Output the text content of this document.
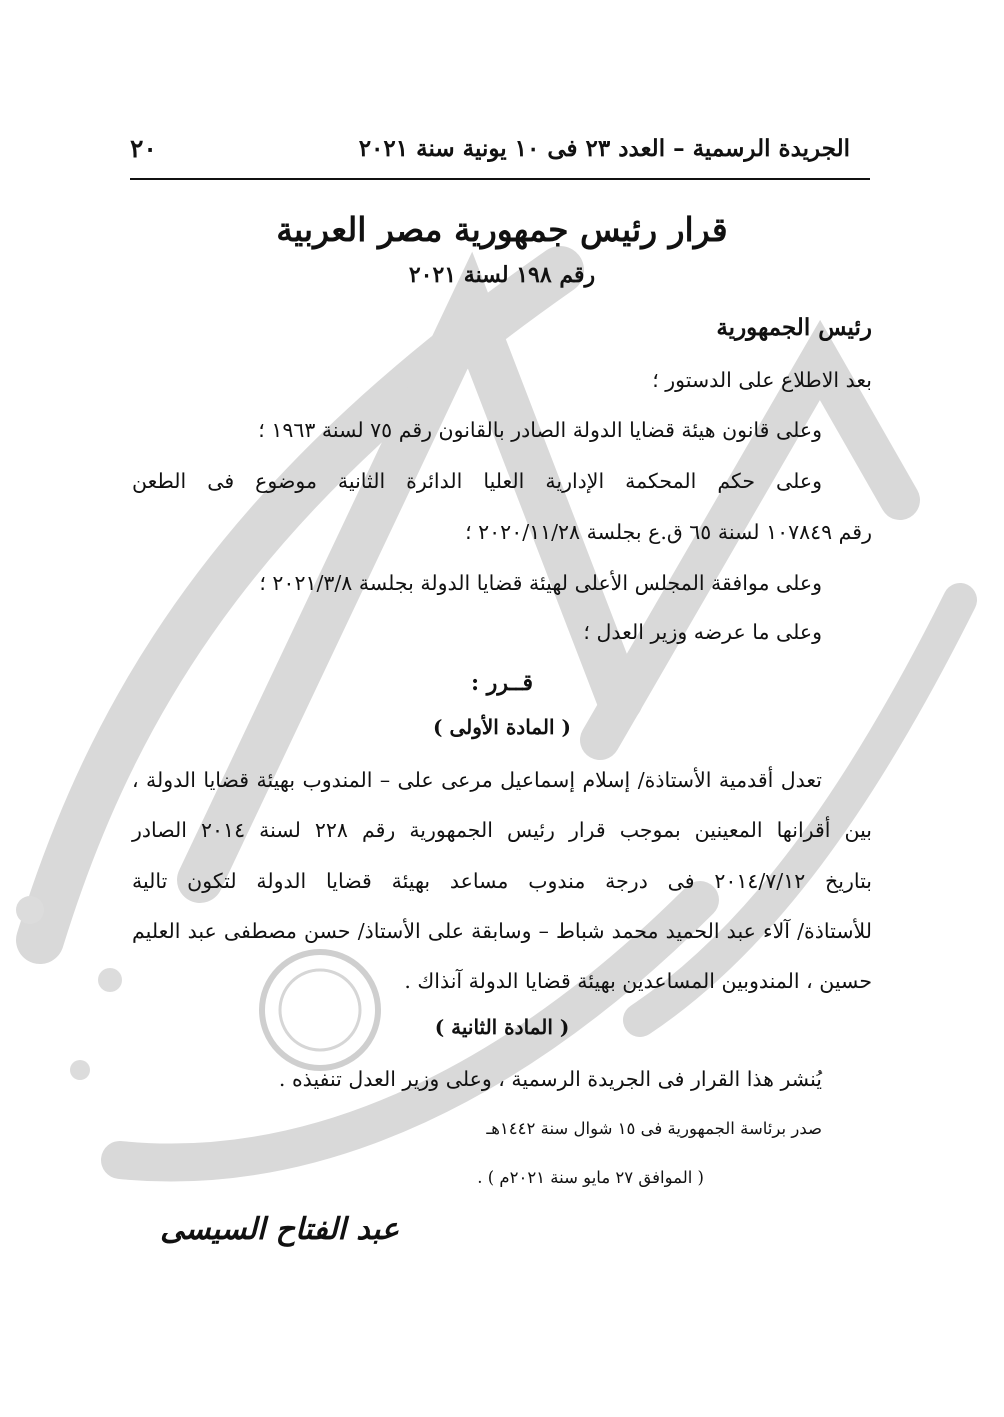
الجريدة الرسمية – العدد ٢٣ فى ١٠ يونية سنة ٢٠٢١
٢٠
قرار رئيس جمهورية مصر العربية
رقم ١٩٨ لسنة ٢٠٢١
رئيس الجمهورية
بعد الاطلاع على الدستور ؛
وعلى قانون هيئة قضايا الدولة الصادر بالقانون رقم ٧٥ لسنة ١٩٦٣ ؛
وعلى حكم المحكمة الإدارية العليا الدائرة الثانية موضوع فى الطعن
رقم ١٠٧٨٤٩ لسنة ٦٥ ق.ع بجلسة ٢٠٢٠/١١/٢٨ ؛
وعلى موافقة المجلس الأعلى لهيئة قضايا الدولة بجلسة ٢٠٢١/٣/٨ ؛
وعلى ما عرضه وزير العدل ؛
قــرر :
( المادة الأولى )
تعدل أقدمية الأستاذة/ إسلام إسماعيل مرعى على – المندوب بهيئة قضايا الدولة ،
بين أقرانها المعينين بموجب قرار رئيس الجمهورية رقم ٢٢٨ لسنة ٢٠١٤ الصادر
بتاريخ ٢٠١٤/٧/١٢ فى درجة مندوب مساعد بهيئة قضايا الدولة لتكون تالية
للأستاذة/ آلاء عبد الحميد محمد شباط – وسابقة على الأستاذ/ حسن مصطفى عبد العليم
حسين ، المندوبين المساعدين بهيئة قضايا الدولة آنذاك .
( المادة الثانية )
يُنشر هذا القرار فى الجريدة الرسمية ، وعلى وزير العدل تنفيذه .
صدر برئاسة الجمهورية فى ١٥ شوال سنة ١٤٤٢هـ
( الموافق ٢٧ مايو سنة ٢٠٢١م ) .
عبد الفتاح السيسى
